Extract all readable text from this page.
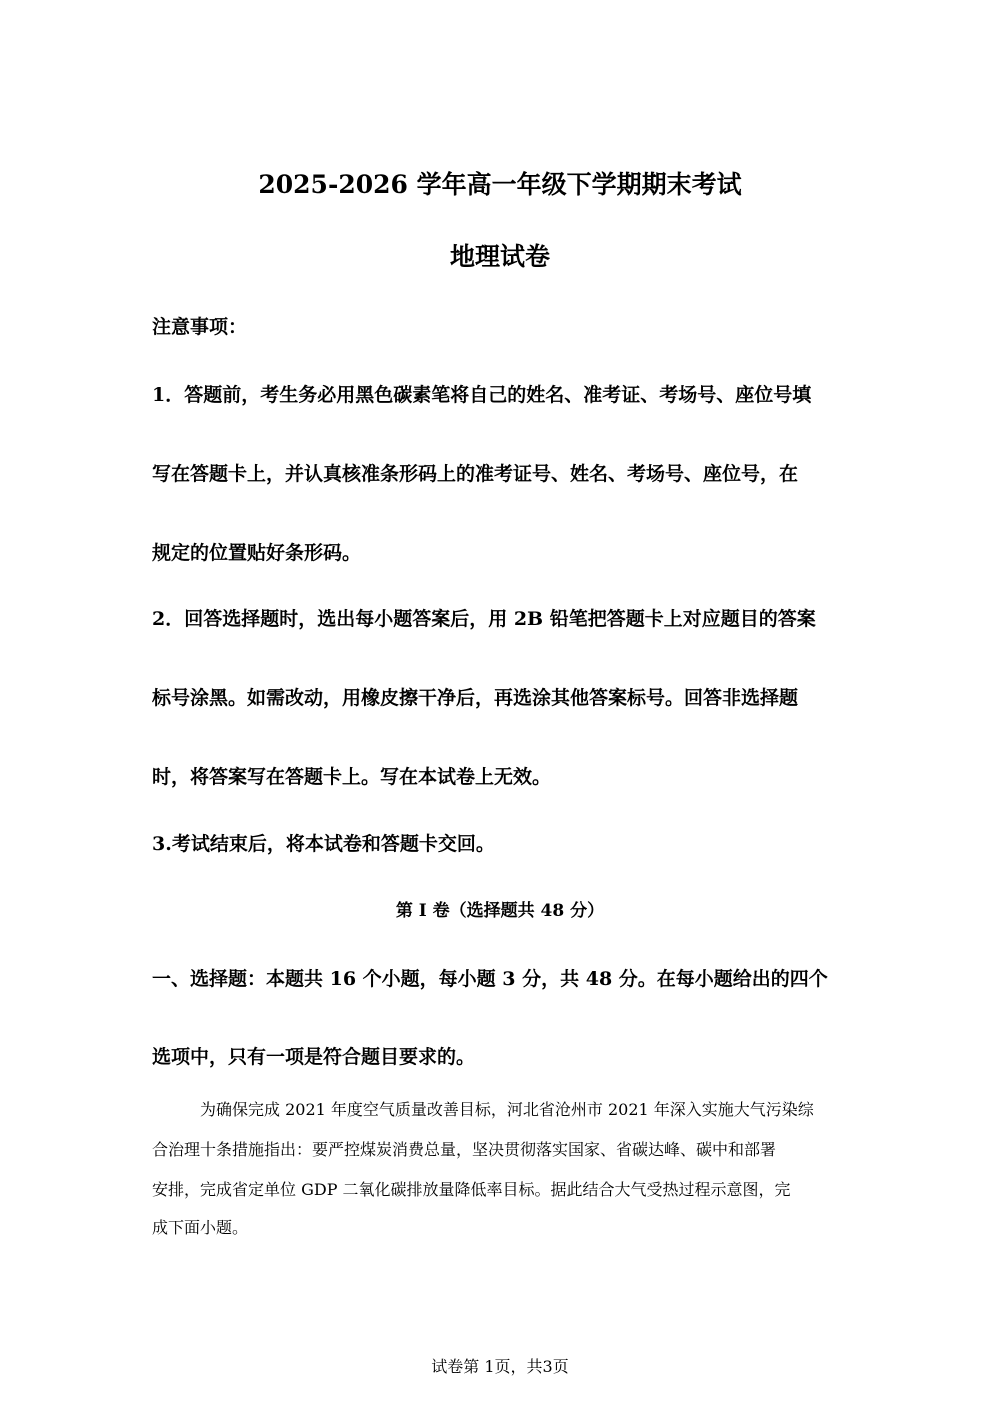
2025-2026 学年高一年级下学期期末考试
地理试卷

注意事项：

1．答题前，考生务必用黑色碳素笔将自己的姓名、准考证、考场号、座位号填

写在答题卡上，并认真核准条形码上的准考证号、姓名、考场号、座位号，在

规定的位置贴好条形码。

2．回答选择题时，选出每小题答案后，用 2B 铅笔把答题卡上对应题目的答案

标号涂黑。如需改动，用橡皮擦干净后，再选涂其他答案标号。回答非选择题

时，将答案写在答题卡上。写在本试卷上无效。

3.考试结束后，将本试卷和答题卡交回。

第 I 卷（选择题共 48 分）

一、选择题：本题共 16 个小题，每小题 3 分，共 48 分。在每小题给出的四个

选项中，只有一项是符合题目要求的。

为确保完成 2021 年度空气质量改善目标，河北省沧州市 2021 年深入实施大气污染综

合治理十条措施指出：要严控煤炭消费总量，坚决贯彻落实国家、省碳达峰、碳中和部署

安排，完成省定单位 GDP 二氧化碳排放量降低率目标。据此结合大气受热过程示意图，完

成下面小题。

试卷第 1页，共3页
